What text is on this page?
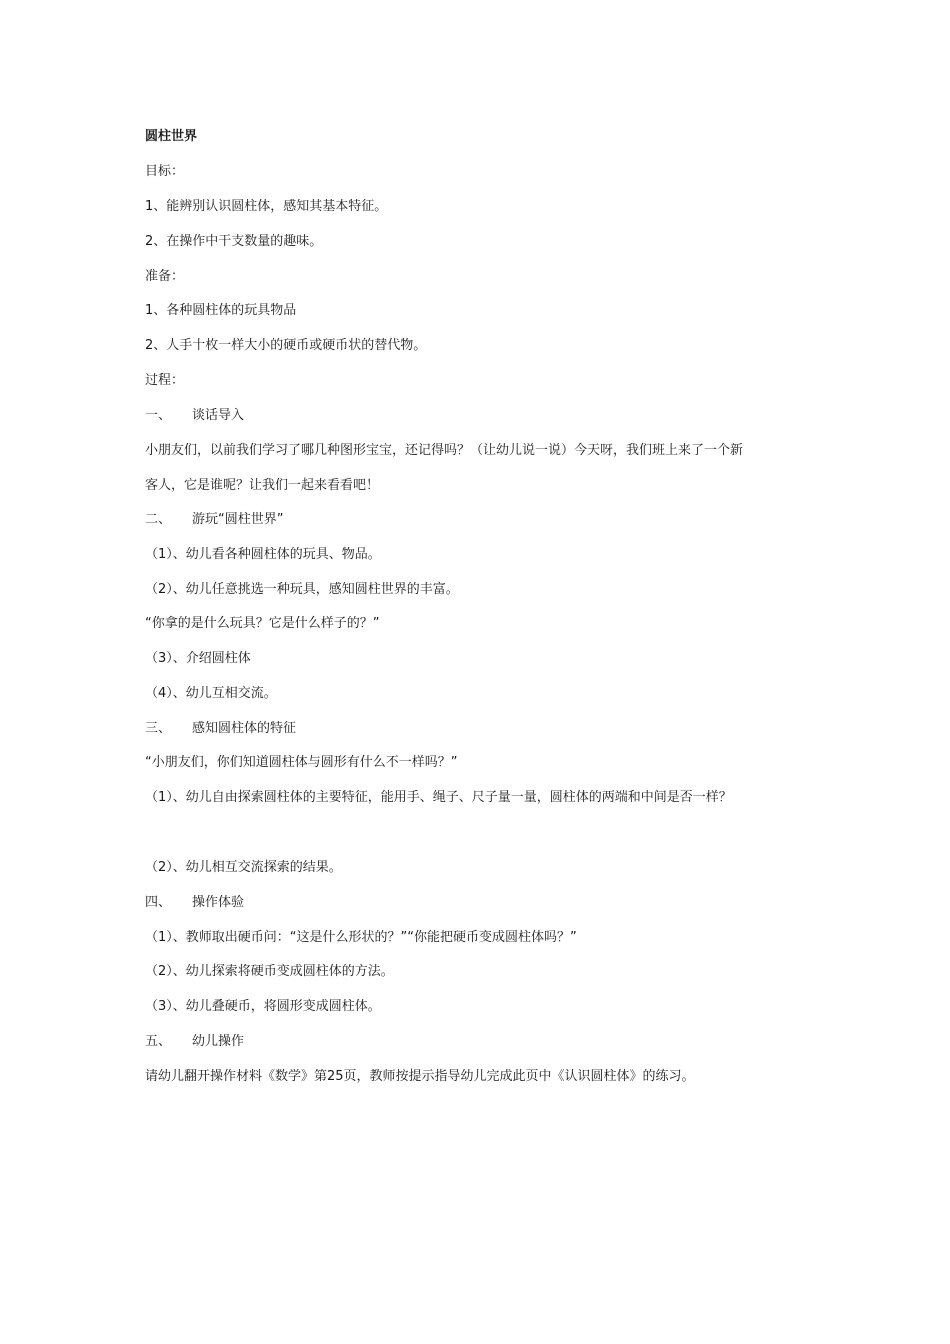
圆柱世界
目标：
1、能辨别认识圆柱体，感知其基本特征。
2、在操作中干支数量的趣味。
准备：
1、各种圆柱体的玩具物品
2、人手十枚一样大小的硬币或硬币状的替代物。
过程：
一、 谈话导入
小朋友们，以前我们学习了哪几种图形宝宝，还记得吗？（让幼儿说一说）今天呀，我们班上来了一个新
客人，它是谁呢？让我们一起来看看吧！
二、 游玩“圆柱世界”
（1）、幼儿看各种圆柱体的玩具、物品。
（2）、幼儿任意挑选一种玩具，感知圆柱世界的丰富。
“你拿的是什么玩具？它是什么样子的？”
（3）、介绍圆柱体
（4）、幼儿互相交流。
三、 感知圆柱体的特征
“小朋友们，你们知道圆柱体与圆形有什么不一样吗？”
（1）、幼儿自由探索圆柱体的主要特征，能用手、绳子、尺子量一量，圆柱体的两端和中间是否一样？
（2）、幼儿相互交流探索的结果。
四、 操作体验
（1）、教师取出硬币问：“这是什么形状的？”“你能把硬币变成圆柱体吗？”
（2）、幼儿探索将硬币变成圆柱体的方法。
（3）、幼儿叠硬币，将圆形变成圆柱体。
五、 幼儿操作
请幼儿翻开操作材料《数学》第25页，教师按提示指导幼儿完成此页中《认识圆柱体》的练习。
